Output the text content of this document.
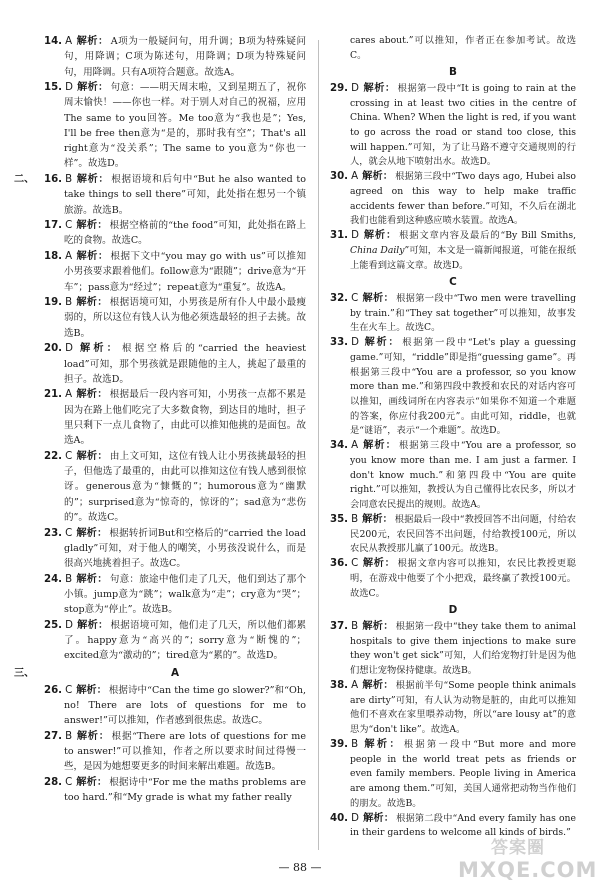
14. A 解析： A项为一般疑问句，用升调；B项为特殊疑问句，用降调；C项为陈述句，用降调；D项为特殊疑问句，用降调。只有A项符合题意。故选A。
15. D 解析： 句意：——明天周末啦，又到星期五了，祝你周末愉快！——你也一样。对于别人对自己的祝福，应用The same to you回答。Me too意为“我也是”；Yes, I'll be free then意为“是的，那时我有空”；That's all right意为“没关系”；The same to you意为“你也一样”。故选D。
二、 16. B 解析： 根据语境和后句中“But he also wanted to take things to sell there”可知，此处指在想另一个镇旅游。故选B。
17. C 解析： 根据空格前的“the food”可知，此处指在路上吃的食物。故选C。
18. A 解析： 根据下文中“you may go with us”可以推知小男孩要求跟着他们。follow意为“跟随”；drive意为“开车”；pass意为“经过”；repeat意为“重复”。故选A。
19. B 解析： 根据语境可知，小男孩是所有仆人中最小最瘦弱的，所以这位有钱人认为他必须选最轻的担子去挑。故选B。
20. D 解析： 根据空格后的“carried the heaviest load”可知，那个男孩就是跟随他的主人，挑起了最重的担子。故选D。
21. A 解析： 根据最后一段内容可知，小男孩一点都不累是因为在路上他们吃完了大多数食物，到达目的地时，担子里只剩下一点儿食物了，由此可以推知他挑的是面包。故选A。
22. C 解析： 由上文可知，这位有钱人让小男孩挑最轻的担子，但他选了最重的，由此可以推知这位有钱人感到很惊讶。generous意为“慷慨的”；humorous意为“幽默的”；surprised意为“惊奇的，惊讶的”；sad意为“悲伤的”。故选C。
23. C 解析： 根据转折词But和空格后的“carried the load gladly”可知，对于他人的嘲笑，小男孩没说什么，而是很高兴地挑着担子。故选C。
24. B 解析： 句意：旅途中他们走了几天，他们到达了那个小镇。jump意为“跳”；walk意为“走”；cry意为“哭”；stop意为“停止”。故选B。
25. D 解析： 根据语境可知，他们走了几天，所以他们都累了。happy意为“高兴的”；sorry意为“断愧的”；excited意为“激动的”；tired意为“累的”。故选D。
三、	A
26. C 解析： 根据诗中“Can the time go slower?”和“Oh, no! There are lots of questions for me to answer!”可以推知，作者感到很焦虑。故选C。
27. B 解析： 根据“There are lots of questions for me to answer!”可以推知，作者之所以要求时间过得慢一些，是因为她想要更多的时间来解出难题。故选B。
28. C 解析： 根据诗中“For me the maths problems are too hard.”和“My grade is what my father really
cares about.”可以推知，作者正在参加考试。故选C。
B
29. D 解析： 根据第一段中“It is going to rain at the crossing in at least two cities in the centre of China. When? When the light is red, if you want to go across the road or stand too close, this will happen.”可知，为了让马路不遵守交通规则的行人，就会从地下喷射出水。故选D。
30. A 解析： 根据第三段中“Two days ago, Hubei also agreed on this way to help make traffic accidents fewer than before.”可知，不久后在湖北我们也能看到这种感应喷水装置。故选A。
31. D 解析： 根据文章内容及最后的“By Bill Smiths, China Daily”可知，本文是一篇新闻报道，可能在报纸上能看到这篇文章。故选D。
C
32. C 解析： 根据第一段中“Two men were travelling by train.”和“They sat together”可以推知，故事发生在火车上。故选C。
33. D 解析： 根据第一段中“Let's play a guessing game.”可知，“riddle”即是指“guessing game”。再根据第三段中“You are a professor, so you know more than me.”和第四段中教授和农民的对话内容可以推知，画线词所在内容表示“如果你不知道一个难题的答案，你应付我200元”。由此可知，riddle，也就是“谜语”，表示“一个难题”。故选D。
34. A 解析： 根据第三段中“You are a professor, so you know more than me. I am just a farmer. I don't know much.”和第四段中“You are quite right.”可以推知，教授认为自己懂得比农民多，所以才会同意农民提出的规则。故选A。
35. B 解析： 根据最后一段中“教授回答不出问题，付给农民200元，农民回答不出问题，付给教授100元，所以农民从教授那儿赢了100元。故选B。
36. C 解析： 根据文章内容可以推知，农民比教授更聪明，在游戏中他要了个小把戏，最终赢了教授100元。故选C。
D
37. B 解析： 根据第一段中“they take them to animal hospitals to give them injections to make sure they won't get sick”可知，人们给宠物打针是因为他们想让宠物保持健康。故选B。
38. A 解析： 根据前半句“Some people think animals are dirty”可知，有人认为动物是脏的，由此可以推知他们不喜欢在家里喂养动物，所以“are lousy at”的意思为“don't like”。故选A。
39. B 解析： 根据第一段中“But more and more people in the world treat pets as friends or even family members. People living in America are among them.”可知，美国人通常把动物当作他们的朋友。故选B。
40. D 解析： 根据第二段中“And every family has one in their gardens to welcome all kinds of birds.”
— 88 —
答案圈
MXQE.COM
